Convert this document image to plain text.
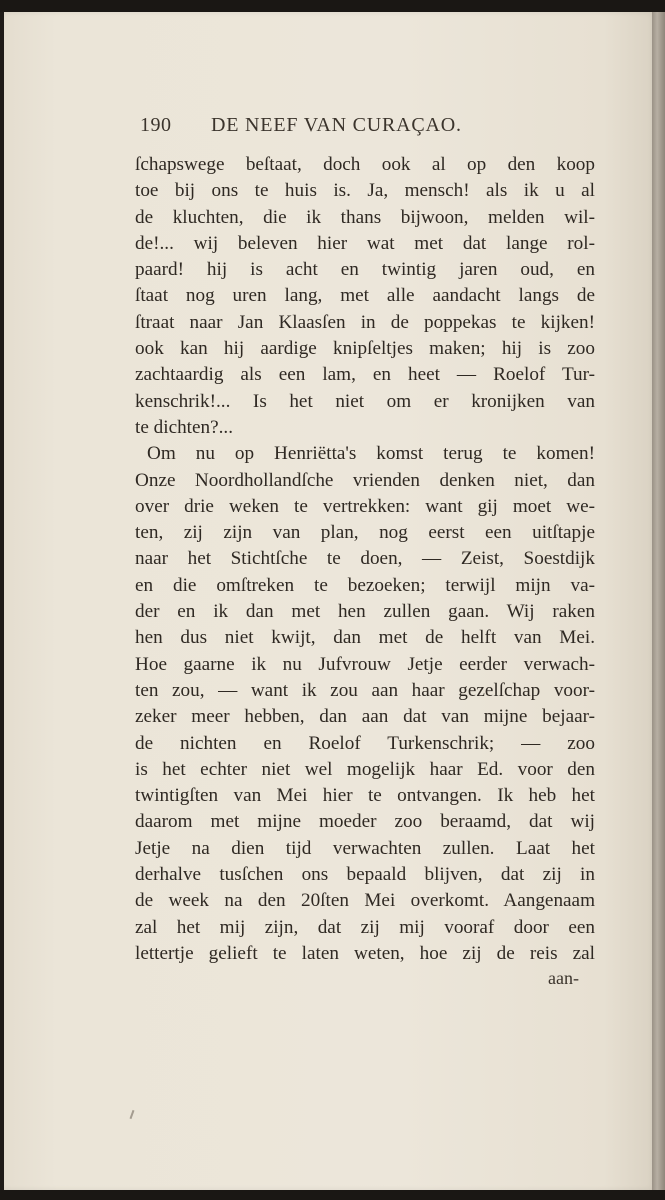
190 DE NEEF VAN CURAÇAO.
ſchapswege beſtaat, doch ook al op den koop
toe bij ons te huis is. Ja, mensch! als ik u al
de kluchten, die ik thans bijwoon, melden wil-
de!... wij beleven hier wat met dat lange rol-
paard! hij is acht en twintig jaren oud, en
ſtaat nog uren lang, met alle aandacht langs de
ſtraat naar Jan Klaasſen in de poppekas te kijken!
ook kan hij aardige knipſeltjes maken; hij is zoo
zachtaardig als een lam, en heet — Roelof Tur-
kenschrik!... Is het niet om er kronijken van
te dichten?...
Om nu op Henriëtta's komst terug te komen!
Onze Noordhollandſche vrienden denken niet, dan
over drie weken te vertrekken: want gij moet we-
ten, zij zijn van plan, nog eerst een uitſtapje
naar het Stichtſche te doen, — Zeist, Soestdijk
en die omſtreken te bezoeken; terwijl mijn va-
der en ik dan met hen zullen gaan. Wij raken
hen dus niet kwijt, dan met de helft van Mei.
Hoe gaarne ik nu Jufvrouw Jetje eerder verwach-
ten zou, — want ik zou aan haar gezelſchap voor-
zeker meer hebben, dan aan dat van mijne bejaar-
de nichten en Roelof Turkenschrik; — zoo
is het echter niet wel mogelijk haar Ed. voor den
twintigſten van Mei hier te ontvangen. Ik heb het
daarom met mijne moeder zoo beraamd, dat wij
Jetje na dien tijd verwachten zullen. Laat het
derhalve tusſchen ons bepaald blijven, dat zij in
de week na den 20ſten Mei overkomt. Aangenaam
zal het mij zijn, dat zij mij vooraf door een
lettertje gelieft te laten weten, hoe zij de reis zal
aan-
